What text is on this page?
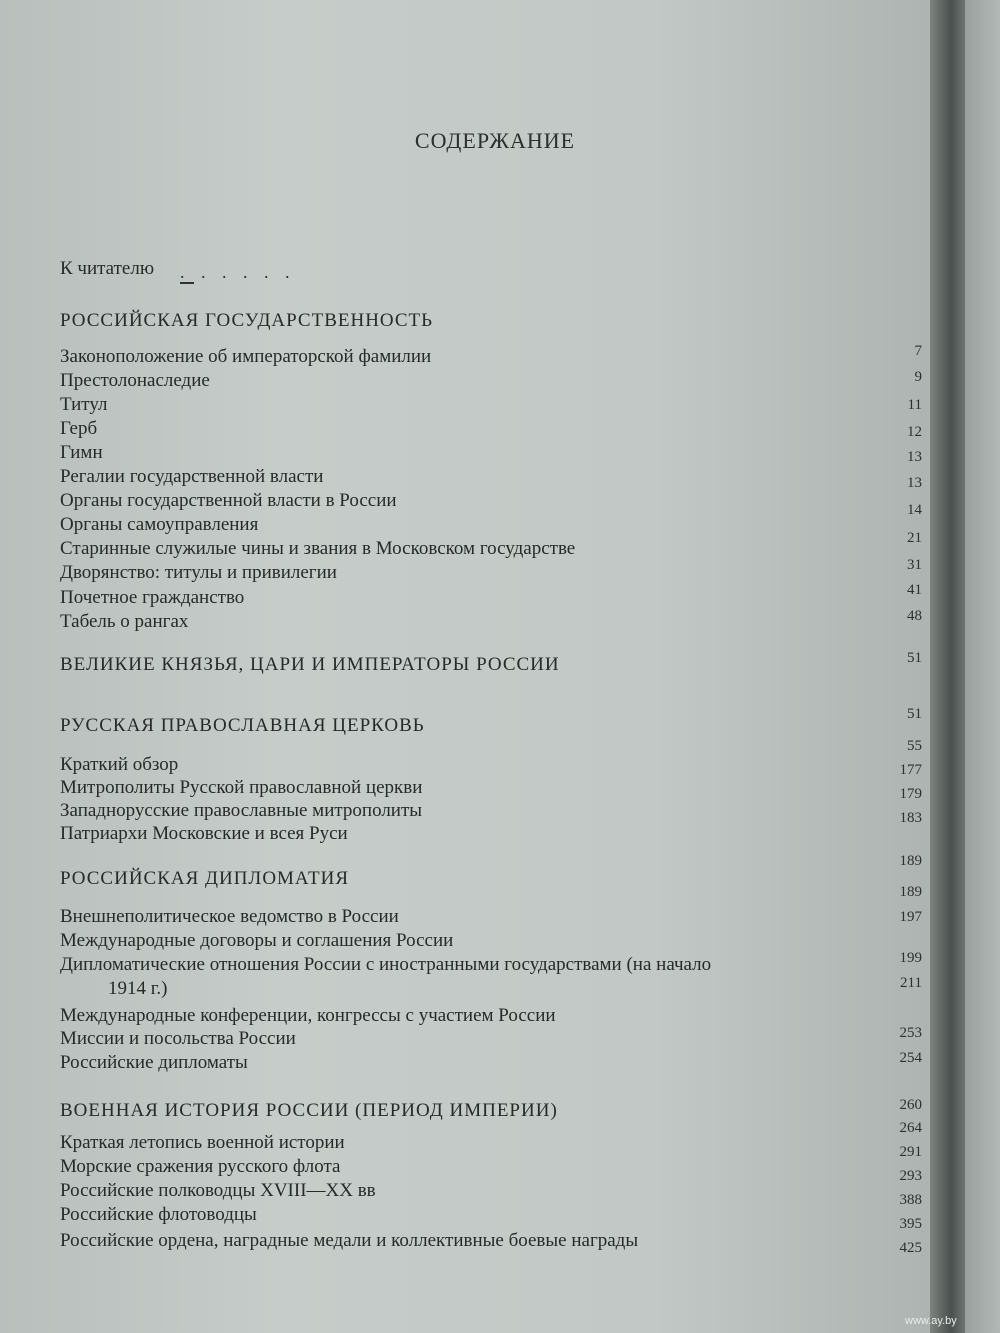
СОДЕРЖАНИЕ
К читателю . . . . . .
РОССИЙСКАЯ ГОСУДАРСТВЕННОСТЬ
7
Законоположение об императорской фамилии
9
Престолонаследие
11
Титул
12
Герб
13
Гимн
13
Регалии государственной власти
14
Органы государственной власти в России
21
Органы самоуправления
31
Старинные служилые чины и звания в Московском государстве
41
Дворянство: титулы и привилегии
48
Почетное гражданство
51
Табель о рангах
51
ВЕЛИКИЕ КНЯЗЬЯ, ЦАРИ И ИМПЕРАТОРЫ РОССИИ
55
РУССКАЯ ПРАВОСЛАВНАЯ ЦЕРКОВЬ
177
Краткий обзор
179
Митрополиты Русской православной церкви
183
Западнорусские православные митрополиты
189
Патриархи Московские и всея Руси
189
РОССИЙСКАЯ ДИПЛОМАТИЯ
197
Внешнеполитическое ведомство в России
199
Международные договоры и соглашения России
211
Дипломатические отношения России с иностранными государствами (на начало
1914 г.)
253
Международные конференции, конгрессы с участием России
254
Миссии и посольства России
260
Российские дипломаты
264
ВОЕННАЯ ИСТОРИЯ РОССИИ (ПЕРИОД ИМПЕРИИ)
291
Краткая летопись военной истории
293
Морские сражения русского флота
388
Российские полководцы XVIII—XX вв
395
Российские флотоводцы
425
Российские ордена, наградные медали и коллективные боевые награды
www.ay.by
